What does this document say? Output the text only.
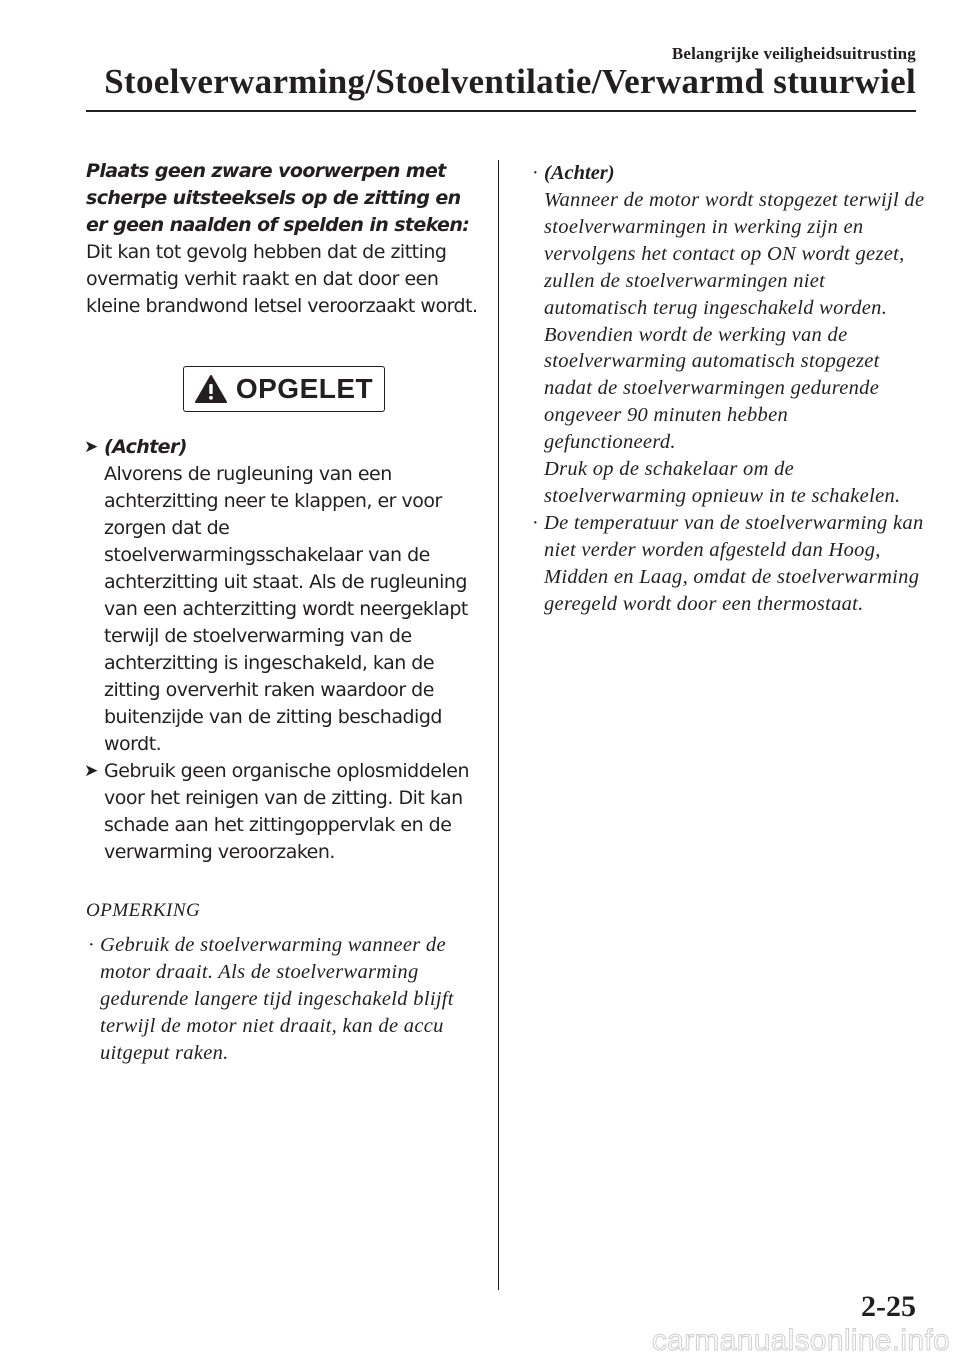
Belangrijke veiligheidsuitrusting
Stoelverwarming/Stoelventilatie/Verwarmd stuurwiel

Plaats geen zware voorwerpen met scherpe uitsteeksels op de zitting en er geen naalden of spelden in steken:

Dit kan tot gevolg hebben dat de zitting overmatig verhit raakt en dat door een kleine brandwond letsel veroorzaakt wordt.

OPGELET
➤ (Achter)
Alvorens de rugleuning van een achterzitting neer te klappen, er voor zorgen dat de stoelverwarmingsschakelaar van de achterzitting uit staat. Als de rugleuning van een achterzitting wordt neergeklapt terwijl de stoelverwarming van de achterzitting is ingeschakeld, kan de zitting oververhit raken waardoor de buitenzijde van de zitting beschadigd wordt.
➤ Gebruik geen organische oplosmiddelen voor het reinigen van de zitting. Dit kan schade aan het zittingoppervlak en de verwarming veroorzaken.
OPMERKING
· Gebruik de stoelverwarming wanneer de motor draait. Als de stoelverwarming gedurende langere tijd ingeschakeld blijft terwijl de motor niet draait, kan de accu uitgeput raken.
· (Achter)
Wanneer de motor wordt stopgezet terwijl de stoelverwarmingen in werking zijn en vervolgens het contact op ON wordt gezet, zullen de stoelverwarmingen niet automatisch terug ingeschakeld worden. Bovendien wordt de werking van de stoelverwarming automatisch stopgezet nadat de stoelverwarmingen gedurende ongeveer 90 minuten hebben gefunctioneerd.
Druk op de schakelaar om de stoelverwarming opnieuw in te schakelen.
· De temperatuur van de stoelverwarming kan niet verder worden afgesteld dan Hoog, Midden en Laag, omdat de stoelverwarming geregeld wordt door een thermostaat.
2-25
carmanualsonline.info
